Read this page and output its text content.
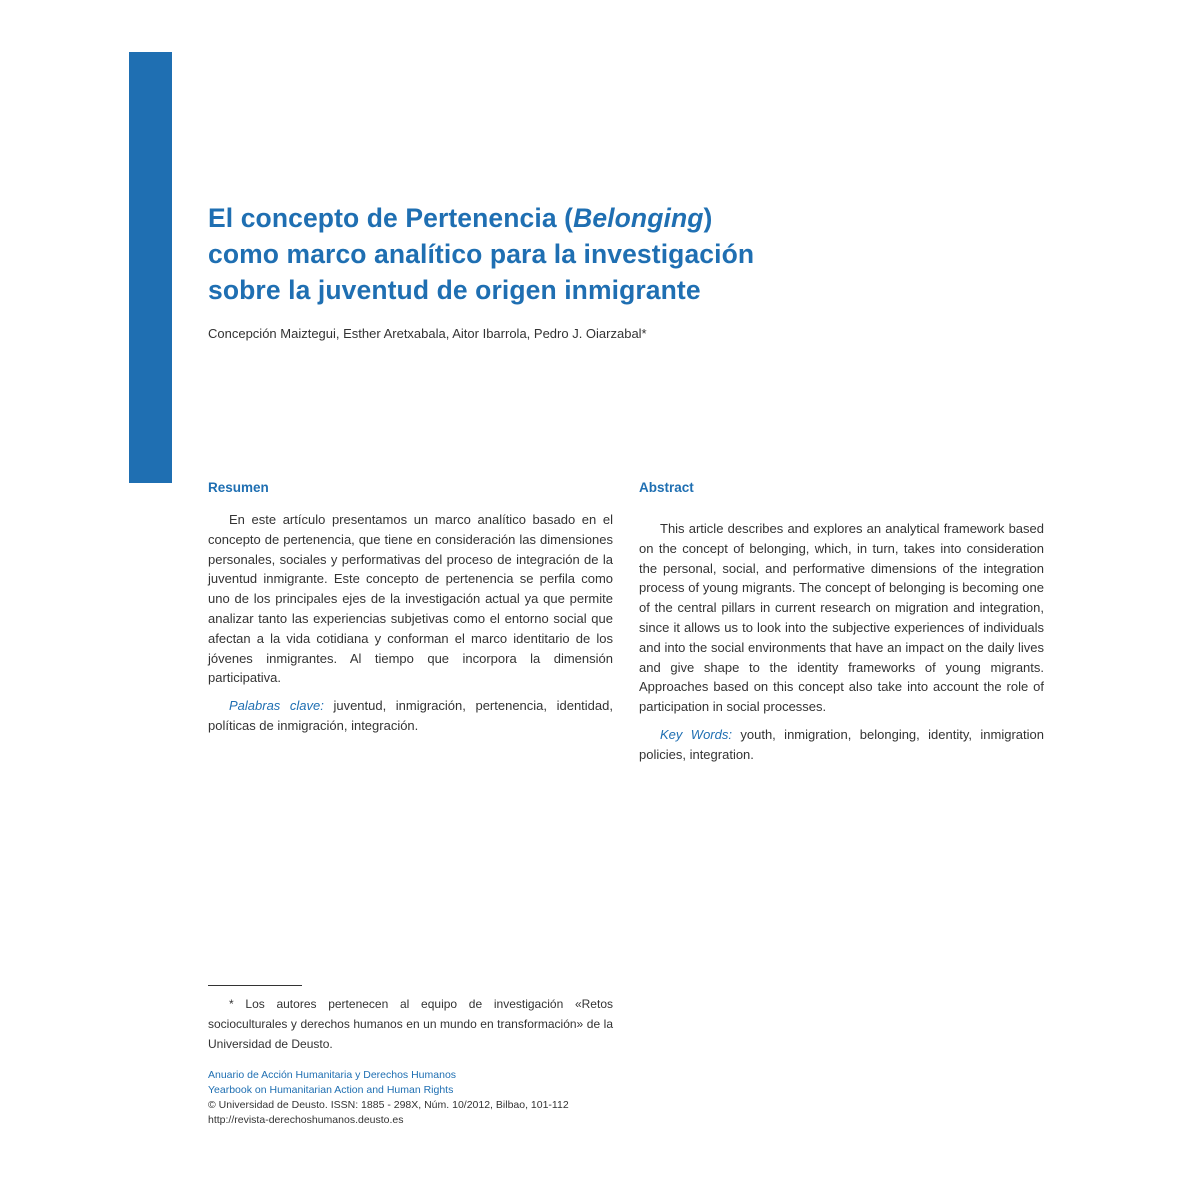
El concepto de Pertenencia (Belonging)
como marco analítico para la investigación
sobre la juventud de origen inmigrante
Concepción Maiztegui, Esther Aretxabala, Aitor Ibarrola, Pedro J. Oiarzabal*
Resumen

En este artículo presentamos un marco analítico basado en el concepto de pertenencia, que tiene en consideración las dimensiones personales, sociales y performativas del proceso de integración de la juventud inmigrante. Este concepto de pertenencia se perfila como uno de los principales ejes de la investigación actual ya que permite analizar tanto las experiencias subjetivas como el entorno social que afectan a la vida cotidiana y conforman el marco identitario de los jóvenes inmigrantes. Al tiempo que incorpora la dimensión participativa.

Palabras clave: juventud, inmigración, pertenencia, identidad, políticas de inmigración, integración.

Abstract

This article describes and explores an analytical framework based on the concept of belonging, which, in turn, takes into consideration the personal, social, and performative dimensions of the integration process of young migrants. The concept of belonging is becoming one of the central pillars in current research on migration and integration, since it allows us to look into the subjective experiences of individuals and into the social environments that have an impact on the daily lives and give shape to the identity frameworks of young migrants. Approaches based on this concept also take into account the role of participation in social processes.

Key Words: youth, inmigration, belonging, identity, inmigration policies, integration.

* Los autores pertenecen al equipo de investigación «Retos socioculturales y derechos humanos en un mundo en transformación» de la Universidad de Deusto.

Anuario de Acción Humanitaria y Derechos Humanos
Yearbook on Humanitarian Action and Human Rights
© Universidad de Deusto. ISSN: 1885 - 298X, Núm. 10/2012, Bilbao, 101-112
http://revista-derechoshumanos.deusto.es
